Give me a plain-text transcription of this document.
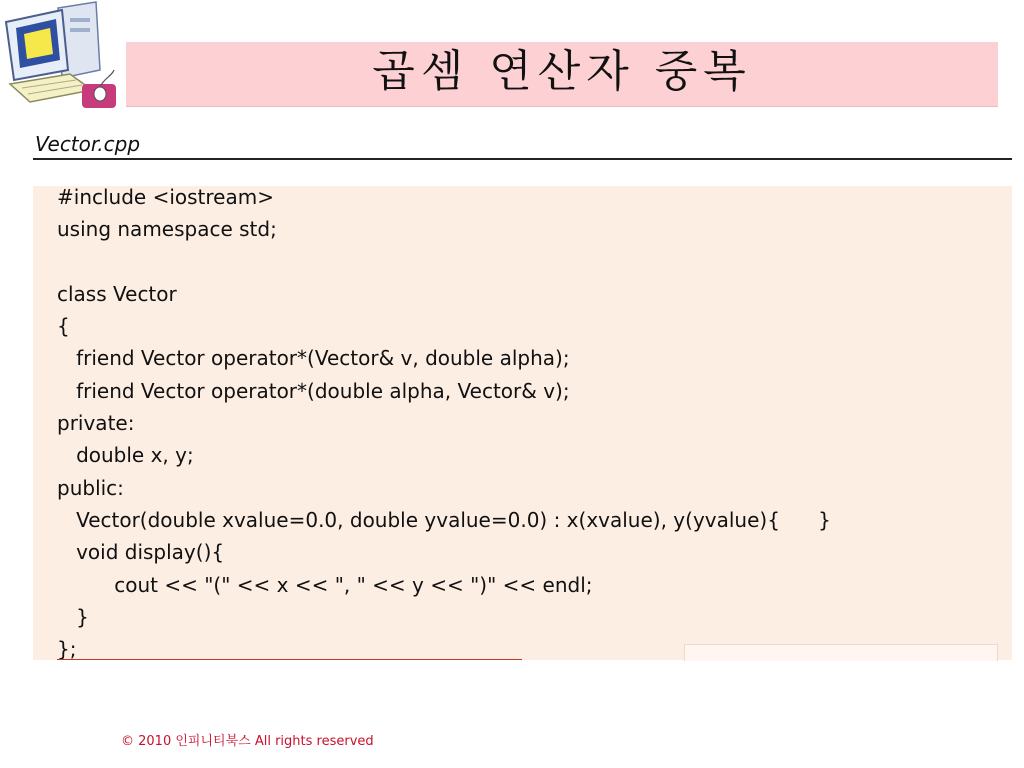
곱셈 연산자 중복
Vector.cpp
#include <iostream>
using namespace std;
class Vector
{
friend Vector operator*(Vector& v, double alpha);
friend Vector operator*(double alpha, Vector& v);
private:
double x, y;
public:
Vector(double xvalue=0.0, double yvalue=0.0) : x(xvalue), y(yvalue){      }
void display(){
cout << "(" << x << ", " << y << ")" << endl;
}
};
© 2010 인피니티북스 All rights reserved
